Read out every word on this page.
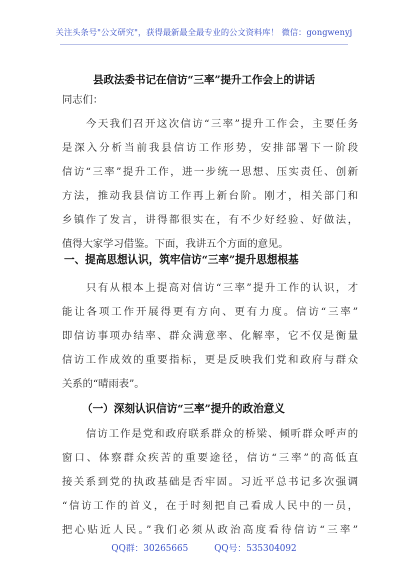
关注头条号"公文研究"，获得最新最全最专业的公文资料库！ 微信：gongwenyj
县政法委书记在信访“三率”提升工作会上的讲话
同志们：
今天我们召开这次信访“三率”提升工作会，主要任务
是深入分析当前我县信访工作形势，安排部署下一阶段
信访“三率”提升工作，进一步统一思想、压实责任、创新
方法，推动我县信访工作再上新台阶。刚才，相关部门和
乡镇作了发言，讲得都很实在，有不少好经验、好做法，
值得大家学习借鉴。下面，我讲五个方面的意见。
一、提高思想认识，筑牢信访“三率”提升思想根基
只有从根本上提高对信访“三率”提升工作的认识，才
能让各项工作开展得更有方向、更有力度。信访“三率”
即信访事项办结率、群众满意率、化解率，它不仅是衡量
信访工作成效的重要指标，更是反映我们党和政府与群众
关系的“晴雨表”。
（一）深刻认识信访“三率”提升的政治意义
信访工作是党和政府联系群众的桥梁、倾听群众呼声的
窗口、体察群众疾苦的重要途径，信访“三率”的高低直
接关系到党的执政基础是否牢固。习近平总书记多次强调
“信访工作的首义，在于时刻把自己看成人民中的一员，
把心贴近人民。”我们必须从政治高度看待信访“三率”
QQ群：30265665	QQ号：535304092
